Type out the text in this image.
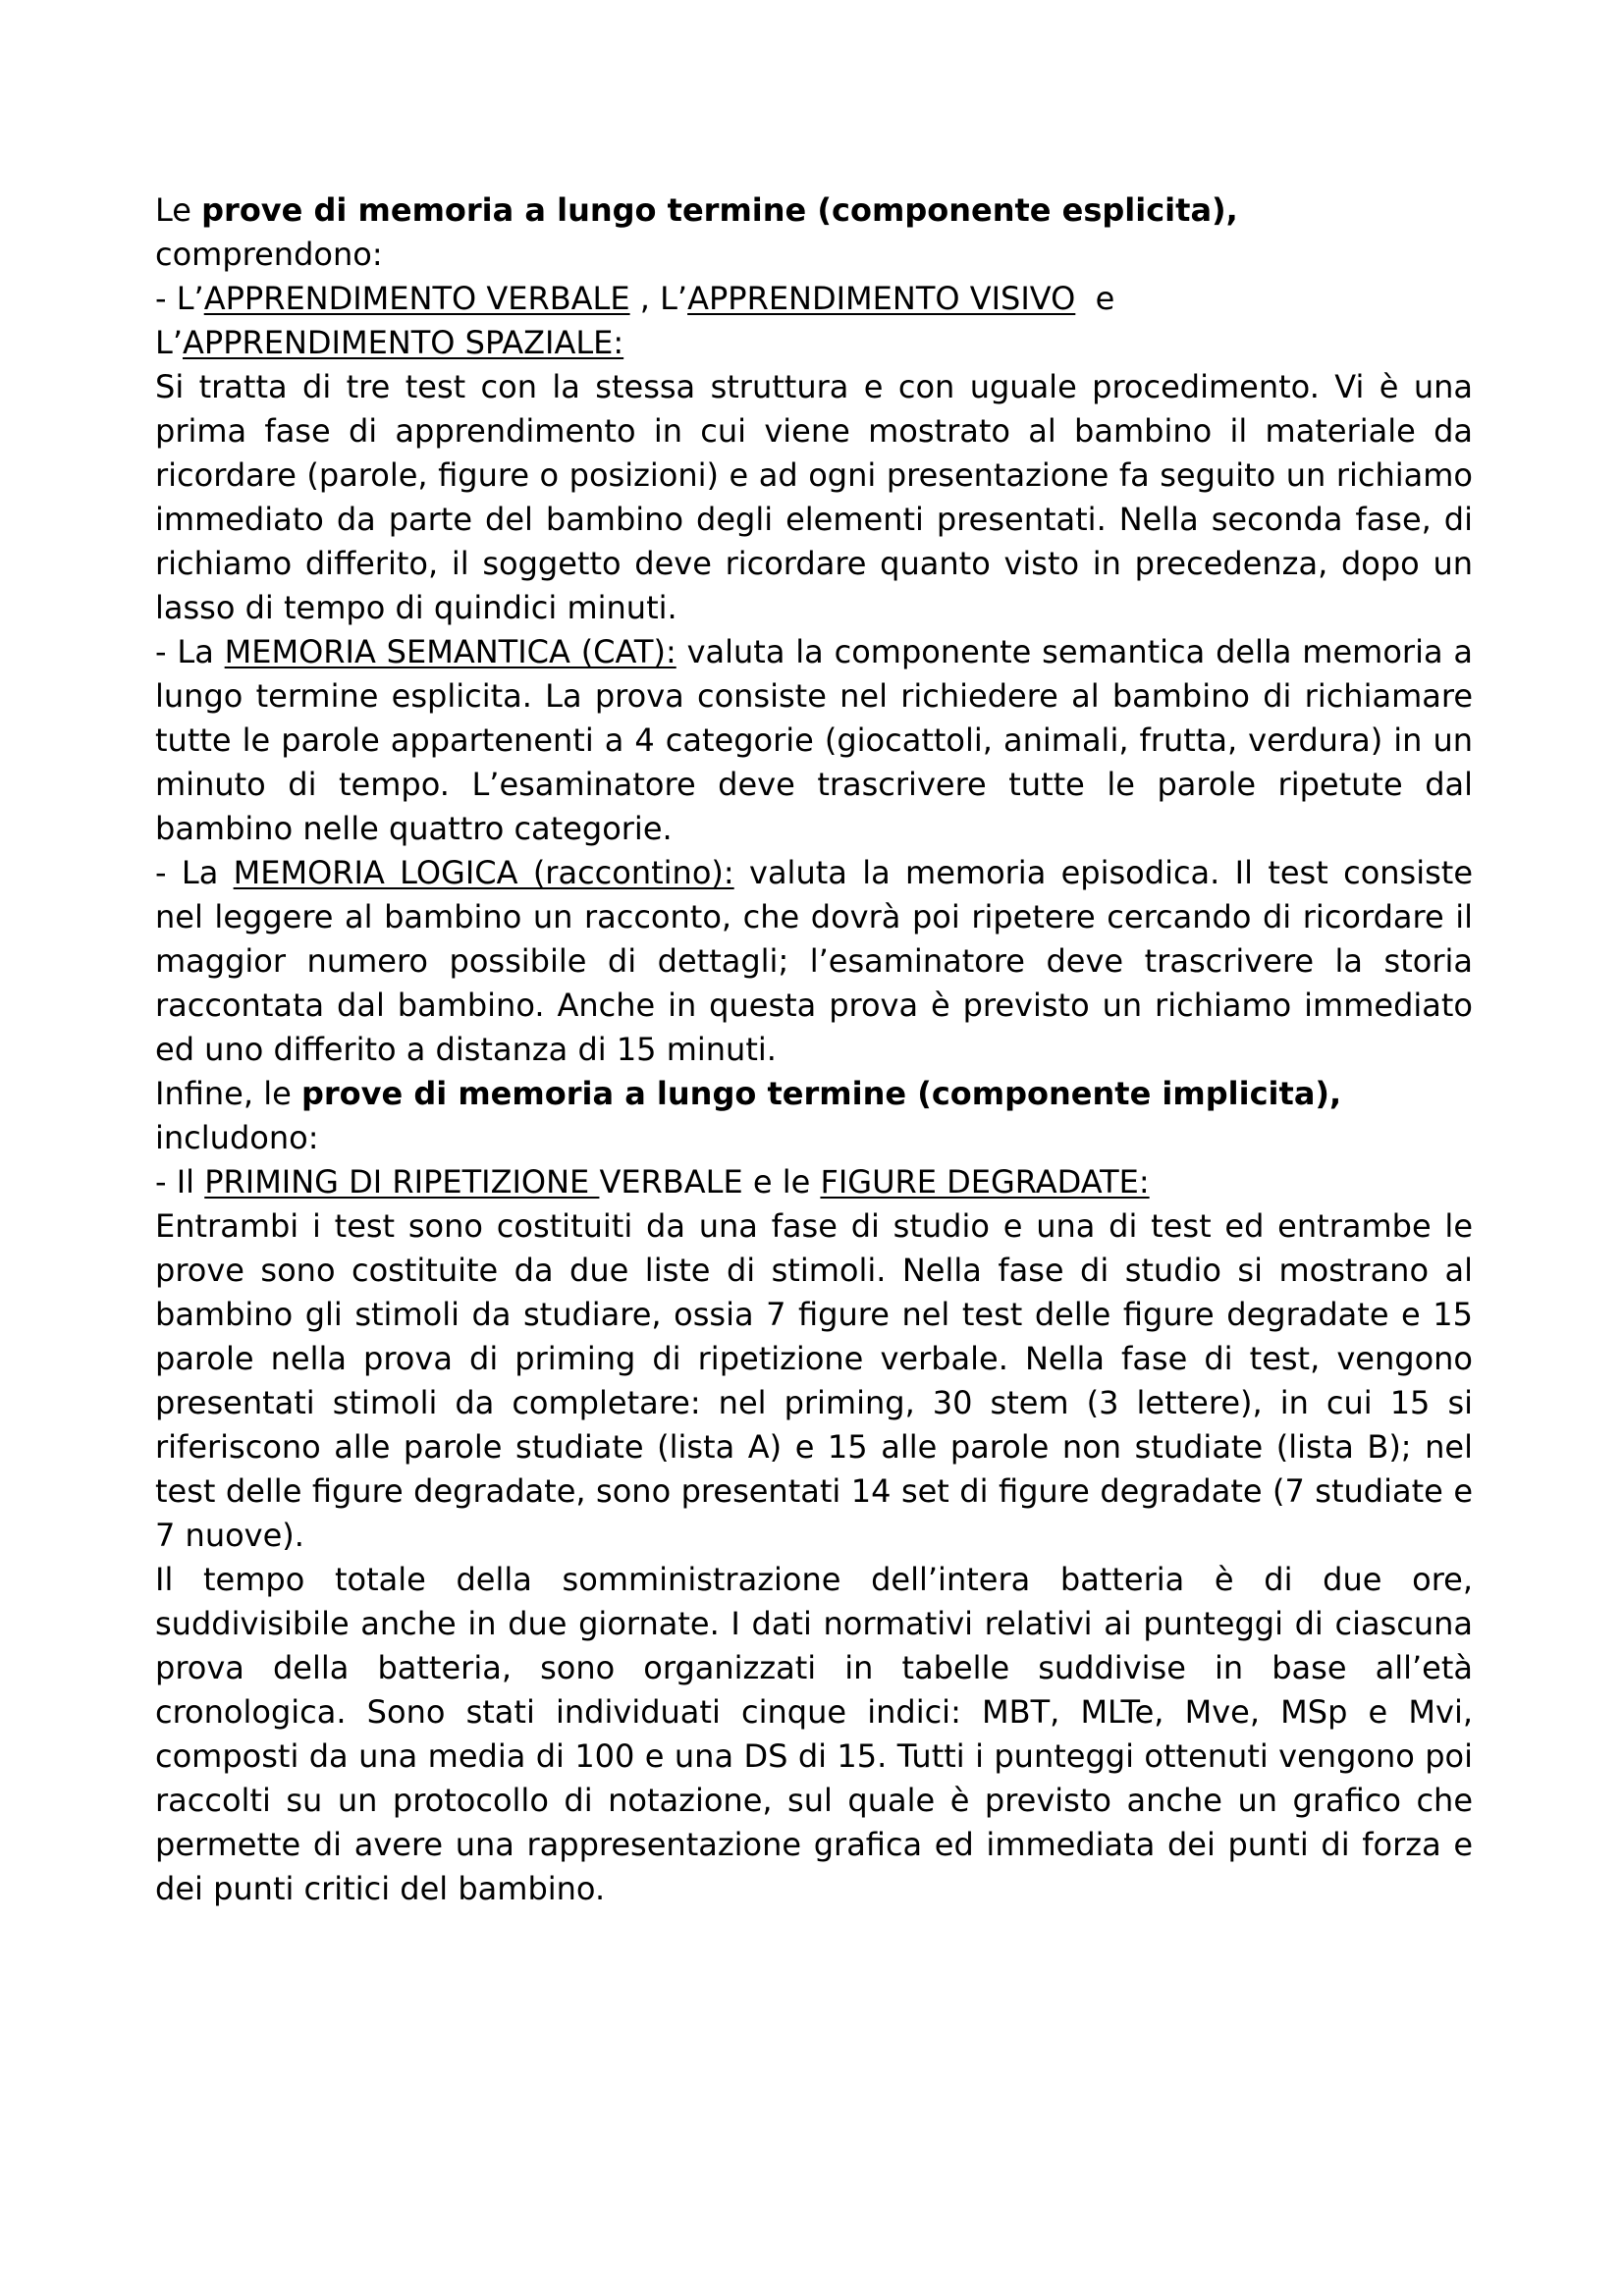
Le prove di memoria a lungo termine (componente esplicita),

comprendono:

- L’APPRENDIMENTO VERBALE , L’APPRENDIMENTO VISIVO  e

L’APPRENDIMENTO SPAZIALE:

Si tratta di tre test con la stessa struttura e con uguale procedimento. Vi è una prima fase di apprendimento in cui viene mostrato al bambino il materiale da ricordare (parole, figure o posizioni) e ad ogni presentazione fa seguito un richiamo immediato da parte del bambino degli elementi presentati. Nella seconda fase, di richiamo differito, il soggetto deve ricordare quanto visto in precedenza, dopo un lasso di tempo di quindici minuti.

- La MEMORIA SEMANTICA (CAT): valuta la componente semantica della memoria a lungo termine esplicita. La prova consiste nel richiedere al bambino di richiamare tutte le parole appartenenti a 4 categorie (giocattoli, animali, frutta, verdura) in un minuto di tempo. L’esaminatore deve trascrivere tutte le parole ripetute dal bambino nelle quattro categorie.

- La MEMORIA LOGICA (raccontino): valuta la memoria episodica. Il test consiste nel leggere al bambino un racconto, che dovrà poi ripetere cercando di ricordare il maggior numero possibile di dettagli; l’esaminatore deve trascrivere la storia raccontata dal bambino. Anche in questa prova è previsto un richiamo immediato ed uno differito a distanza di 15 minuti.

Infine, le prove di memoria a lungo termine (componente implicita),

includono:

- Il PRIMING DI RIPETIZIONE VERBALE e le FIGURE DEGRADATE:

Entrambi i test sono costituiti da una fase di studio e una di test ed entrambe le prove sono costituite da due liste di stimoli. Nella fase di studio si mostrano al bambino gli stimoli da studiare, ossia 7 figure nel test delle figure degradate e 15 parole nella prova di priming di ripetizione verbale. Nella fase di test, vengono presentati stimoli da completare: nel priming, 30 stem (3 lettere), in cui 15 si riferiscono alle parole studiate (lista A) e 15 alle parole non studiate (lista B); nel test delle figure degradate, sono presentati 14 set di figure degradate (7 studiate e 7 nuove).

Il tempo totale della somministrazione dell’intera batteria è di due ore, suddivisibile anche in due giornate. I dati normativi relativi ai punteggi di ciascuna prova della batteria, sono organizzati in tabelle suddivise in base all’età cronologica. Sono stati individuati cinque indici: MBT, MLTe, Mve, MSp e Mvi, composti da una media di 100 e una DS di 15. Tutti i punteggi ottenuti vengono poi raccolti su un protocollo di notazione, sul quale è previsto anche un grafico che permette di avere una rappresentazione grafica ed immediata dei punti di forza e dei punti critici del bambino.
